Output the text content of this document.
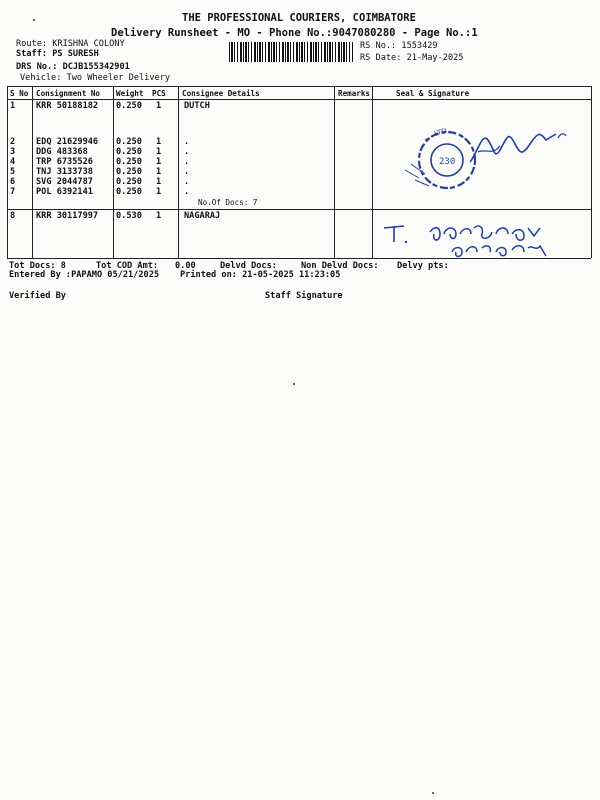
THE PROFESSIONAL COURIERS, COIMBATORE
Delivery Runsheet - MO - Phone No.:9047080280 - Page No.:1
Route: KRISHNA COLONY
Staff: PS SURESH
DRS No.: DCJB155342901
Vehicle: Two Wheeler Delivery
RS No.: 1553429
RS Date: 21-May-2025
S No Consignment No Weight PCS Consignee Details	Remarks	Seal & Signature
1 KRR 50188182 0.250 1	DUTCH
2 EDQ 21629946 0.250 1	.
3 DDG 483368	0.250 1	.
4 TRP 6735526	0.250 1	.
5 TNJ 3133738	0.250 1	.
6 SVG 2044787	0.250 1	.
7 POL 6392141	0.250 1	.
No.Of Docs: 7
8 KRR 30117997 0.530 1	NAGARAJ
230
LTD
Tot Docs: 8	Tot COD Amt: 0.00	Delvd Docs:	Non Delvd Docs: Delvy pts:
Entered By :PAPAMO 05/21/2025 Printed on: 21-05-2025 11:23:05
Verified By	Staff Signature
